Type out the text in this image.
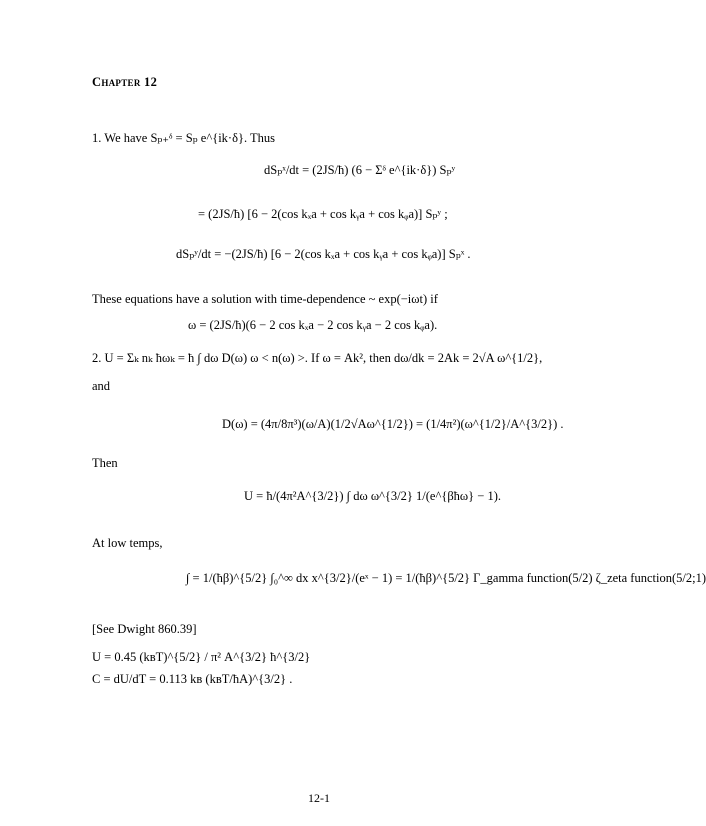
Chapter 12
1. We have Sₚ₊ᵟ = Sₚ e^{ik·δ}. Thus
dSₚˣ/dt = (2JS/ħ) (6 − Σᵟ e^{ik·δ}) Sₚʸ
= (2JS/ħ) [6 − 2(cos kₓa + cos kᵧa + cos kᵩa)] Sₚʸ ;
dSₚʸ/dt = −(2JS/ħ) [6 − 2(cos kₓa + cos kᵧa + cos kᵩa)] Sₚˣ .
These equations have a solution with time-dependence ~ exp(−iωt) if
ω = (2JS/ħ)(6 − 2 cos kₓa − 2 cos kᵧa − 2 cos kᵩa).
2. U = Σₖ nₖ ħωₖ = ħ ∫ dω D(ω) ω < n(ω) >. If ω = Ak², then dω/dk = 2Ak = 2√A ω^{1/2},
and
D(ω) = (4π/8π³)(ω/A)(1/2√Aω^{1/2}) = (1/4π²)(ω^{1/2}/A^{3/2}) .
Then
U = ħ/(4π²A^{3/2}) ∫ dω ω^{3/2} 1/(e^{βħω} − 1).
At low temps,
∫ = 1/(ħβ)^{5/2} ∫₀^∞ dx x^{3/2}/(eˣ − 1) = 1/(ħβ)^{5/2} Γ_gamma function(5/2) ζ_zeta function(5/2;1)
[See Dwight 860.39]
U = 0.45 (kʙT)^{5/2} / π² A^{3/2} ħ^{3/2}
C = dU/dT = 0.113 kʙ (kʙT/ħA)^{3/2} .
12-1
